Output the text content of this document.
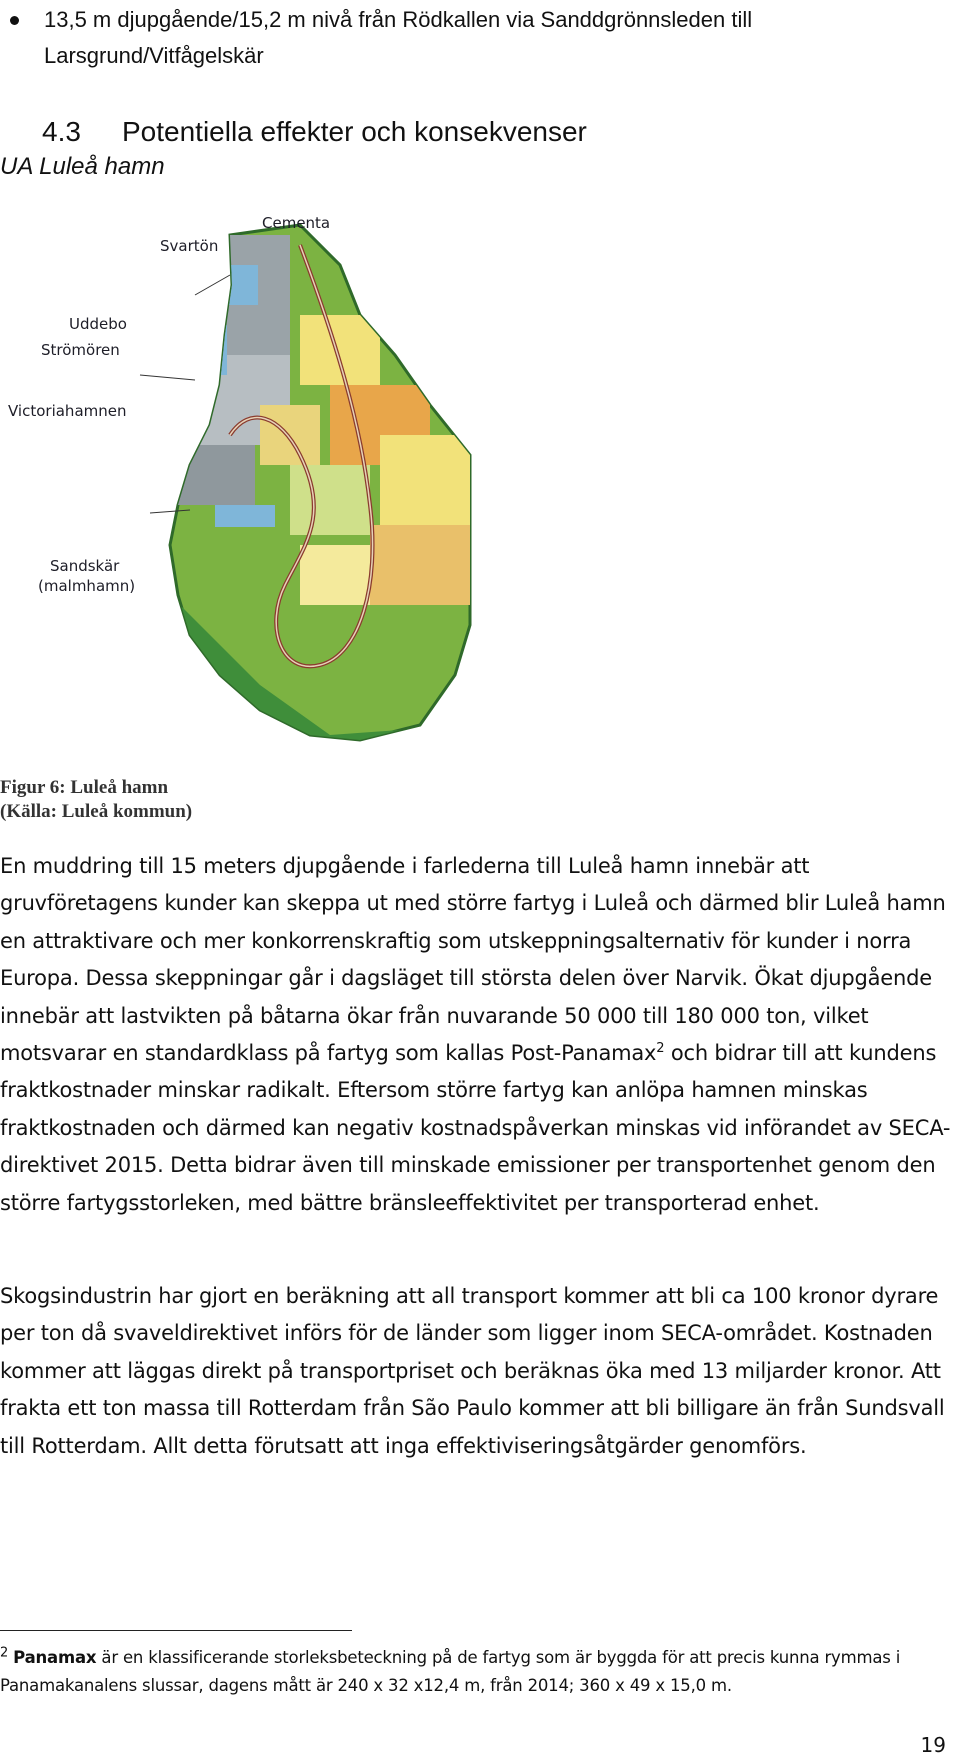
13,5 m djupgående/15,2 m nivå från Rödkallen via Sanddgrönnsleden till Larsgrund/Vitfågelskär
4.3 Potentiella effekter och konsekvenser
UA Luleå hamn
Cementa
Svartön
Uddebo
Strömören
Victoriahamnen
Sandskär
(malmhamn)
Figur 6: Luleå hamn
(Källa: Luleå kommun)
En muddring till 15 meters djupgående i farlederna till Luleå hamn innebär att gruvföretagens kunder kan skeppa ut med större fartyg i Luleå och därmed blir Luleå hamn en attraktivare och mer konkorrenskraftig som utskeppningsalternativ för kunder i norra Europa. Dessa skeppningar går i dagsläget till största delen över Narvik. Ökat djupgående innebär att lastvikten på båtarna ökar från nuvarande 50 000 till 180 000 ton, vilket motsvarar en standardklass på fartyg som kallas Post-Panamax$^2$ och bidrar till att kundens fraktkostnader minskar radikalt. Eftersom större fartyg kan anlöpa hamnen minskas fraktkostnaden och därmed kan negativ kostnadspåverkan minskas vid införandet av SECA-direktivet 2015. Detta bidrar även till minskade emissioner per transportenhet genom den större fartygsstorleken, med bättre bränsleeffektivitet per transporterad enhet.
Skogsindustrin har gjort en beräkning att all transport kommer att bli ca 100 kronor dyrare per ton då svaveldirektivet införs för de länder som ligger inom SECA-området. Kostnaden kommer att läggas direkt på transportpriset och beräknas öka med 13 miljarder kronor. Att frakta ett ton massa till Rotterdam från São Paulo kommer att bli billigare än från Sundsvall till Rotterdam. Allt detta förutsatt att inga effektiviseringsåtgärder genomförs.
$^2$ Panamax är en klassificerande storleksbeteckning på de fartyg som är byggda för att precis kunna rymmas i Panamakanalens slussar, dagens mått är 240 x 32 x12,4 m, från 2014; 360 x 49 x 15,0 m.
19
